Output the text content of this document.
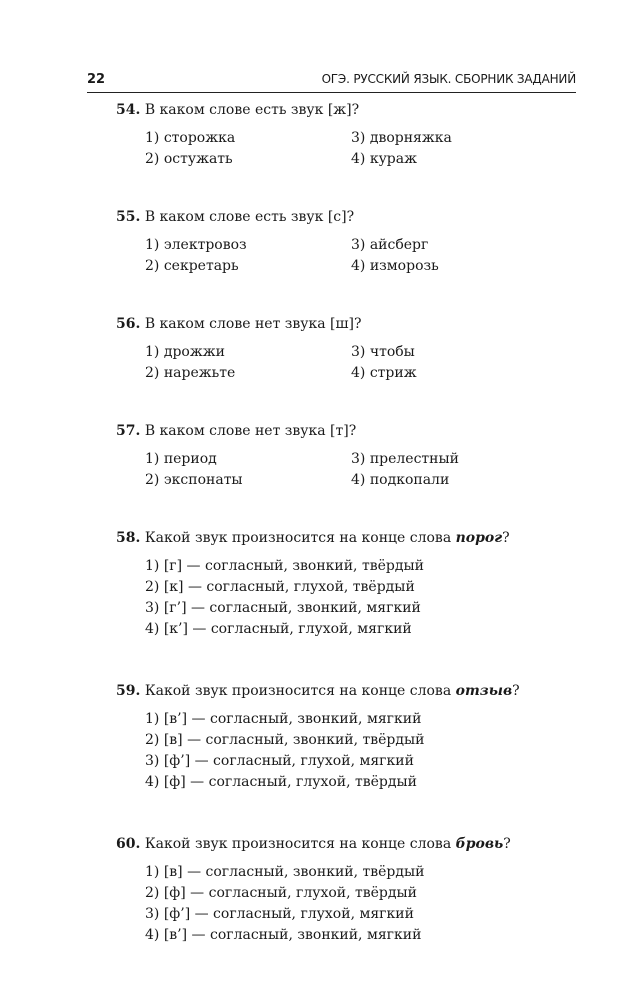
22	ОГЭ. РУССКИЙ ЯЗЫК. СБОРНИК ЗАДАНИЙ
54. В каком слове есть звук [ж]?
1) сторожка	3) дворняжка
2) остужать	4) кураж
55. В каком слове есть звук [с]?
1) электровоз	3) айсберг
2) секретарь	4) изморозь
56. В каком слове нет звука [ш]?
1) дрожжи	3) чтобы
2) нарежьте	4) стриж
57. В каком слове нет звука [т]?
1) период	3) прелестный
2) экспонаты	4) подкопали
58. Какой звук произносится на конце слова порог?
1) [г] — согласный, звонкий, твёрдый
2) [к] — согласный, глухой, твёрдый
3) [г’] — согласный, звонкий, мягкий
4) [к’] — согласный, глухой, мягкий
59. Какой звук произносится на конце слова отзыв?
1) [в’] — согласный, звонкий, мягкий
2) [в] — согласный, звонкий, твёрдый
3) [ф’] — согласный, глухой, мягкий
4) [ф] — согласный, глухой, твёрдый
60. Какой звук произносится на конце слова бровь?
1) [в] — согласный, звонкий, твёрдый
2) [ф] — согласный, глухой, твёрдый
3) [ф’] — согласный, глухой, мягкий
4) [в’] — согласный, звонкий, мягкий
